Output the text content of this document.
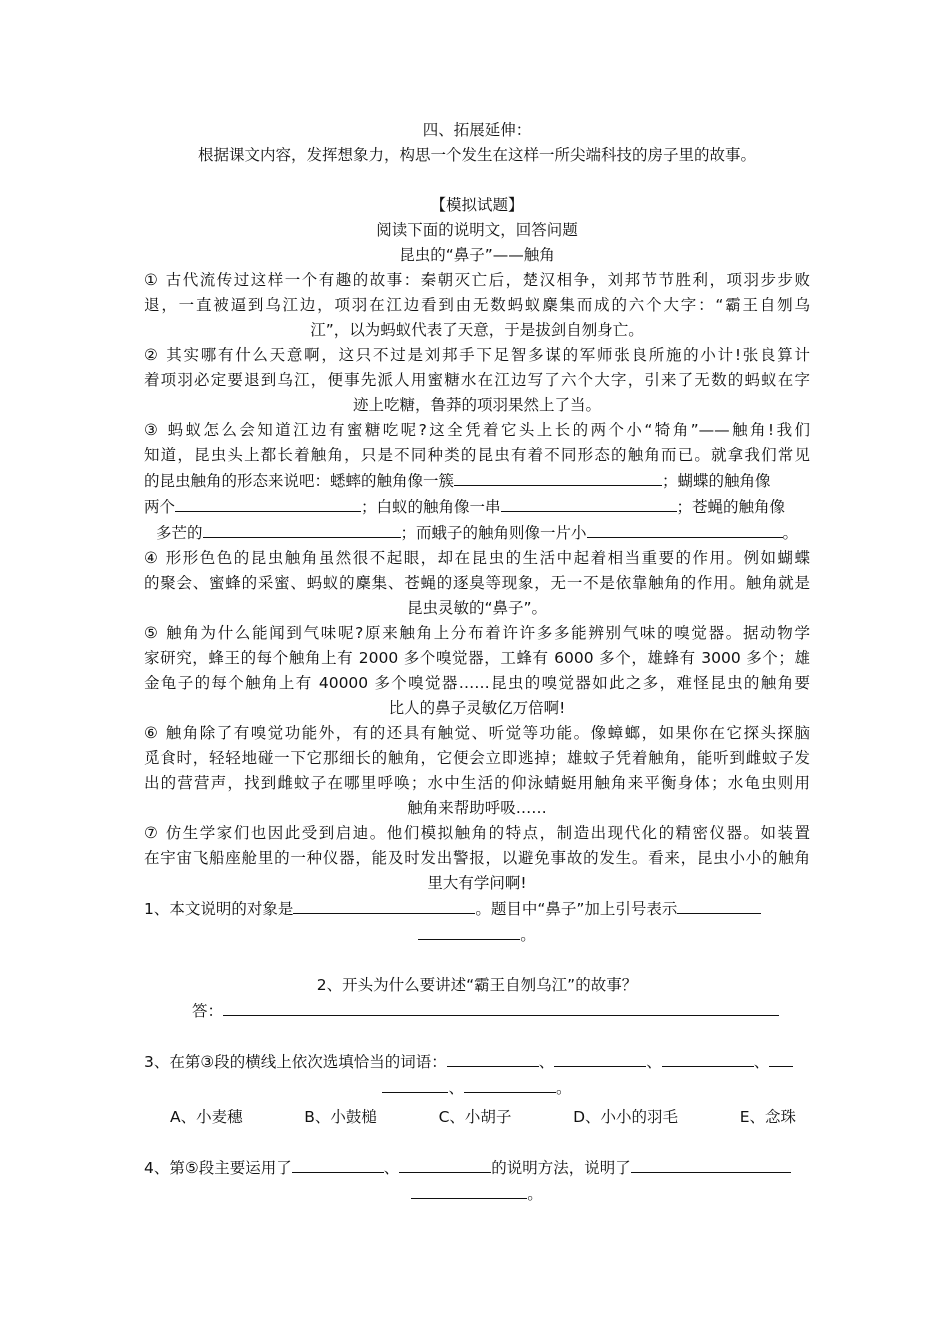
四、拓展延伸：
根据课文内容，发挥想象力，构思一个发生在这样一所尖端科技的房子里的故事。
【模拟试题】
阅读下面的说明文，回答问题
昆虫的“鼻子”——触角
① 古代流传过这样一个有趣的故事：秦朝灭亡后，楚汉相争，刘邦节节胜利，项羽步步败
退，一直被逼到乌江边，项羽在江边看到由无数蚂蚁麇集而成的六个大字：“霸王自刎乌
江”，以为蚂蚁代表了天意，于是拔剑自刎身亡。
② 其实哪有什么天意啊，这只不过是刘邦手下足智多谋的军师张良所施的小计!张良算计
着项羽必定要退到乌江，便事先派人用蜜糖水在江边写了六个大字，引来了无数的蚂蚁在字
迹上吃糖，鲁莽的项羽果然上了当。
③ 蚂蚁怎么会知道江边有蜜糖吃呢?这全凭着它头上长的两个小“犄角”——触角!我们
知道，昆虫头上都长着触角，只是不同种类的昆虫有着不同形态的触角而已。就拿我们常见
的昆虫触角的形态来说吧：蟋蟀的触角像一簇	；蝴蝶的触角像
两个	；白蚁的触角像一串	；苍蝇的触角像
多芒的	；而蛾子的触角则像一片小	。
④ 形形色色的昆虫触角虽然很不起眼，却在昆虫的生活中起着相当重要的作用。例如蝴蝶
的聚会、蜜蜂的采蜜、蚂蚁的麇集、苍蝇的逐臭等现象，无一不是依靠触角的作用。触角就是
昆虫灵敏的“鼻子”。
⑤ 触角为什么能闻到气味呢?原来触角上分布着许许多多能辨别气味的嗅觉器。据动物学
家研究，蜂王的每个触角上有 2000 多个嗅觉器，工蜂有 6000 多个，雄蜂有 3000 多个；雄
金龟子的每个触角上有 40000 多个嗅觉器……昆虫的嗅觉器如此之多，难怪昆虫的触角要
比人的鼻子灵敏亿万倍啊!
⑥ 触角除了有嗅觉功能外，有的还具有触觉、听觉等功能。像蟑螂，如果你在它探头探脑
觅食时，轻轻地碰一下它那细长的触角，它便会立即逃掉；雄蚊子凭着触角，能听到雌蚊子发
出的营营声，找到雌蚊子在哪里呼唤；水中生活的仰泳蜻蜓用触角来平衡身体；水龟虫则用
触角来帮助呼吸……
⑦ 仿生学家们也因此受到启迪。他们模拟触角的特点，制造出现代化的精密仪器。如装置
在宇宙飞船座舱里的一种仪器，能及时发出警报，以避免事故的发生。看来，昆虫小小的触角
里大有学问啊!
1、本文说明的对象是	。题目中“鼻子”加上引号表示
。
2、开头为什么要讲述“霸王自刎乌江”的故事？
答：
3、在第③段的横线上依次选填恰当的词语：	、	、	、
、	。
A、小麦穗	B、小鼓槌	C、小胡子	D、小小的羽毛	E、念珠
4、第⑤段主要运用了	、	的说明方法，说明了
。
